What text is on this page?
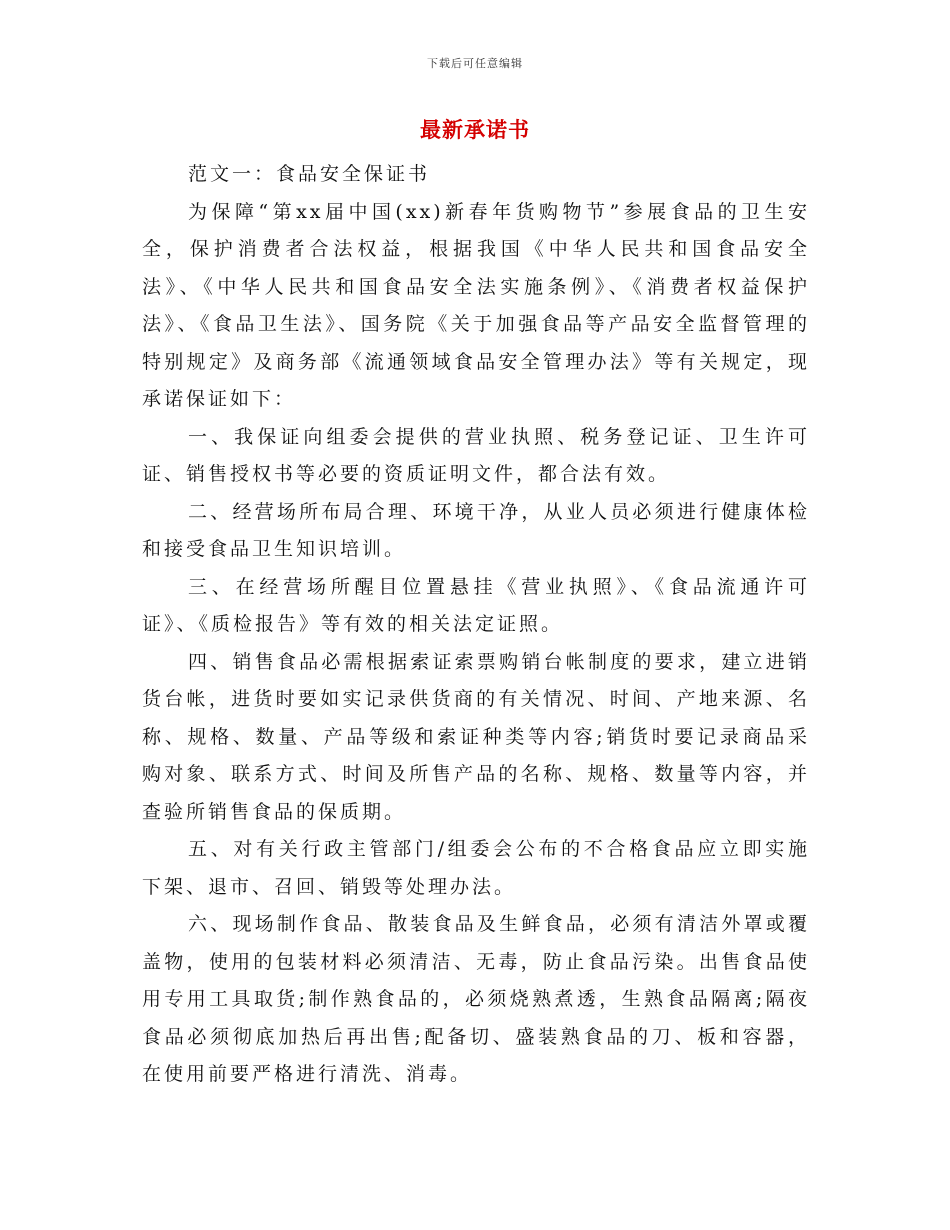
下载后可任意编辑
最新承诺书

范文一：食品安全保证书

为保障“第xx届中国(xx)新春年货购物节”参展食品的卫生安全，保护消费者合法权益，根据我国《中华人民共和国食品安全法》、《中华人民共和国食品安全法实施条例》、《消费者权益保护法》、《食品卫生法》、国务院《关于加强食品等产品安全监督管理的特别规定》及商务部《流通领域食品安全管理办法》等有关规定，现承诺保证如下：

一、我保证向组委会提供的营业执照、税务登记证、卫生许可证、销售授权书等必要的资质证明文件，都合法有效。

二、经营场所布局合理、环境干净，从业人员必须进行健康体检和接受食品卫生知识培训。

三、在经营场所醒目位置悬挂《营业执照》、《食品流通许可证》、《质检报告》等有效的相关法定证照。

四、销售食品必需根据索证索票购销台帐制度的要求，建立进销货台帐，进货时要如实记录供货商的有关情况、时间、产地来源、名称、规格、数量、产品等级和索证种类等内容;销货时要记录商品采购对象、联系方式、时间及所售产品的名称、规格、数量等内容，并查验所销售食品的保质期。

五、对有关行政主管部门/组委会公布的不合格食品应立即实施下架、退市、召回、销毁等处理办法。

六、现场制作食品、散装食品及生鲜食品，必须有清洁外罩或覆盖物，使用的包装材料必须清洁、无毒，防止食品污染。出售食品使用专用工具取货;制作熟食品的，必须烧熟煮透，生熟食品隔离;隔夜食品必须彻底加热后再出售;配备切、盛装熟食品的刀、板和容器，在使用前要严格进行清洗、消毒。
